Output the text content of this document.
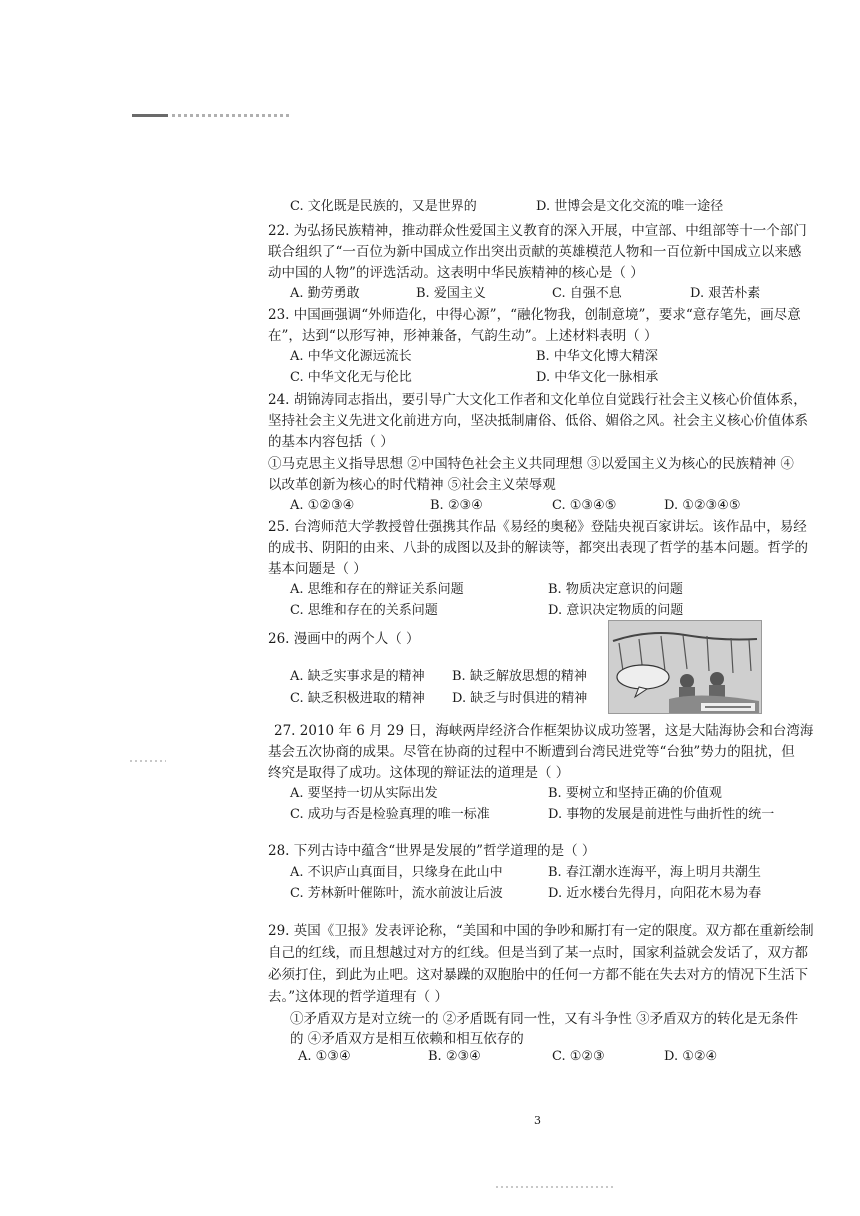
C. 文化既是民族的，又是世界的	D. 世博会是文化交流的唯一途径
22. 为弘扬民族精神，推动群众性爱国主义教育的深入开展，中宣部、中组部等十一个部门
联合组织了“一百位为新中国成立作出突出贡献的英雄模范人物和一百位新中国成立以来感
动中国的人物”的评选活动。这表明中华民族精神的核心是（ ）
A. 勤劳勇敢	B. 爱国主义	C. 自强不息	D. 艰苦朴素
23. 中国画强调“外师造化，中得心源”，“融化物我，创制意境”，要求“意存笔先，画尽意
在”，达到“以形写神，形神兼备，气韵生动”。上述材料表明（ ）
A. 中华文化源远流长	B. 中华文化博大精深
C. 中华文化无与伦比	D. 中华文化一脉相承
24. 胡锦涛同志指出，要引导广大文化工作者和文化单位自觉践行社会主义核心价值体系，
坚持社会主义先进文化前进方向，坚决抵制庸俗、低俗、媚俗之风。社会主义核心价值体系
的基本内容包括（ ）
①马克思主义指导思想 ②中国特色社会主义共同理想 ③以爱国主义为核心的民族精神 ④
以改革创新为核心的时代精神 ⑤社会主义荣辱观
A. ①②③④	B. ②③④	C. ①③④⑤	D. ①②③④⑤
25. 台湾师范大学教授曾仕强携其作品《易经的奥秘》登陆央视百家讲坛。该作品中，易经
的成书、阴阳的由来、八卦的成图以及卦的解读等，都突出表现了哲学的基本问题。哲学的
基本问题是（ ）
A. 思维和存在的辩证关系问题	B. 物质决定意识的问题
C. 思维和存在的关系问题	D. 意识决定物质的问题
26. 漫画中的两个人（ ）
A. 缺乏实事求是的精神 B. 缺乏解放思想的精神
C. 缺乏积极进取的精神 D. 缺乏与时俱进的精神
27. 2010 年 6 月 29 日，海峡两岸经济合作框架协议成功签署，这是大陆海协会和台湾海
基会五次协商的成果。尽管在协商的过程中不断遭到台湾民进党等“台独”势力的阻扰，但
终究是取得了成功。这体现的辩证法的道理是（ ）
A. 要坚持一切从实际出发	B. 要树立和坚持正确的价值观
C. 成功与否是检验真理的唯一标准	D. 事物的发展是前进性与曲折性的统一
28. 下列古诗中蕴含“世界是发展的”哲学道理的是（ ）
A. 不识庐山真面目，只缘身在此山中	B. 春江潮水连海平，海上明月共潮生
C. 芳林新叶催陈叶，流水前波让后波	D. 近水楼台先得月，向阳花木易为春
29. 英国《卫报》发表评论称，“美国和中国的争吵和厮打有一定的限度。双方都在重新绘制
自己的红线，而且想越过对方的红线。但是当到了某一点时，国家利益就会发话了，双方都
必须打住，到此为止吧。这对暴躁的双胞胎中的任何一方都不能在失去对方的情况下生活下
去。”这体现的哲学道理有（ ）
①矛盾双方是对立统一的 ②矛盾既有同一性，又有斗争性 ③矛盾双方的转化是无条件
的 ④矛盾双方是相互依赖和相互依存的
A. ①③④	B. ②③④	C. ①②③	D. ①②④
3
